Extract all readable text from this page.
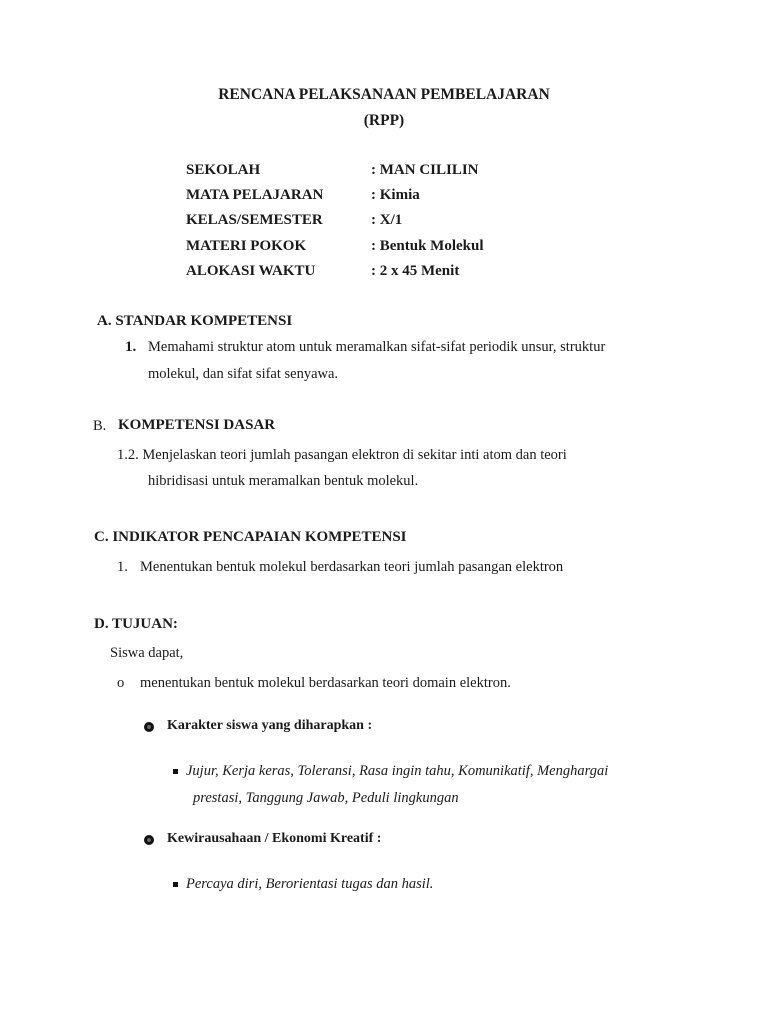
RENCANA PELAKSANAAN PEMBELAJARAN
(RPP)
SEKOLAH	: MAN CILILIN
MATA PELAJARAN	: Kimia
KELAS/SEMESTER	: X/1
MATERI POKOK	: Bentuk Molekul
ALOKASI WAKTU	: 2 x 45 Menit
A. STANDAR KOMPETENSI
1. Memahami struktur atom untuk meramalkan sifat-sifat periodik unsur, struktur
molekul, dan sifat sifat senyawa.
B. KOMPETENSI DASAR
1.2. Menjelaskan teori jumlah pasangan elektron di sekitar inti atom dan teori
hibridisasi untuk meramalkan bentuk molekul.
C. INDIKATOR PENCAPAIAN KOMPETENSI
1. Menentukan bentuk molekul berdasarkan teori jumlah pasangan elektron
D. TUJUAN:
Siswa dapat,
o menentukan bentuk molekul berdasarkan teori domain elektron.
Karakter siswa yang diharapkan :
Jujur, Kerja keras, Toleransi, Rasa ingin tahu, Komunikatif, Menghargai
prestasi, Tanggung Jawab, Peduli lingkungan
Kewirausahaan / Ekonomi Kreatif :
Percaya diri, Berorientasi tugas dan hasil.
